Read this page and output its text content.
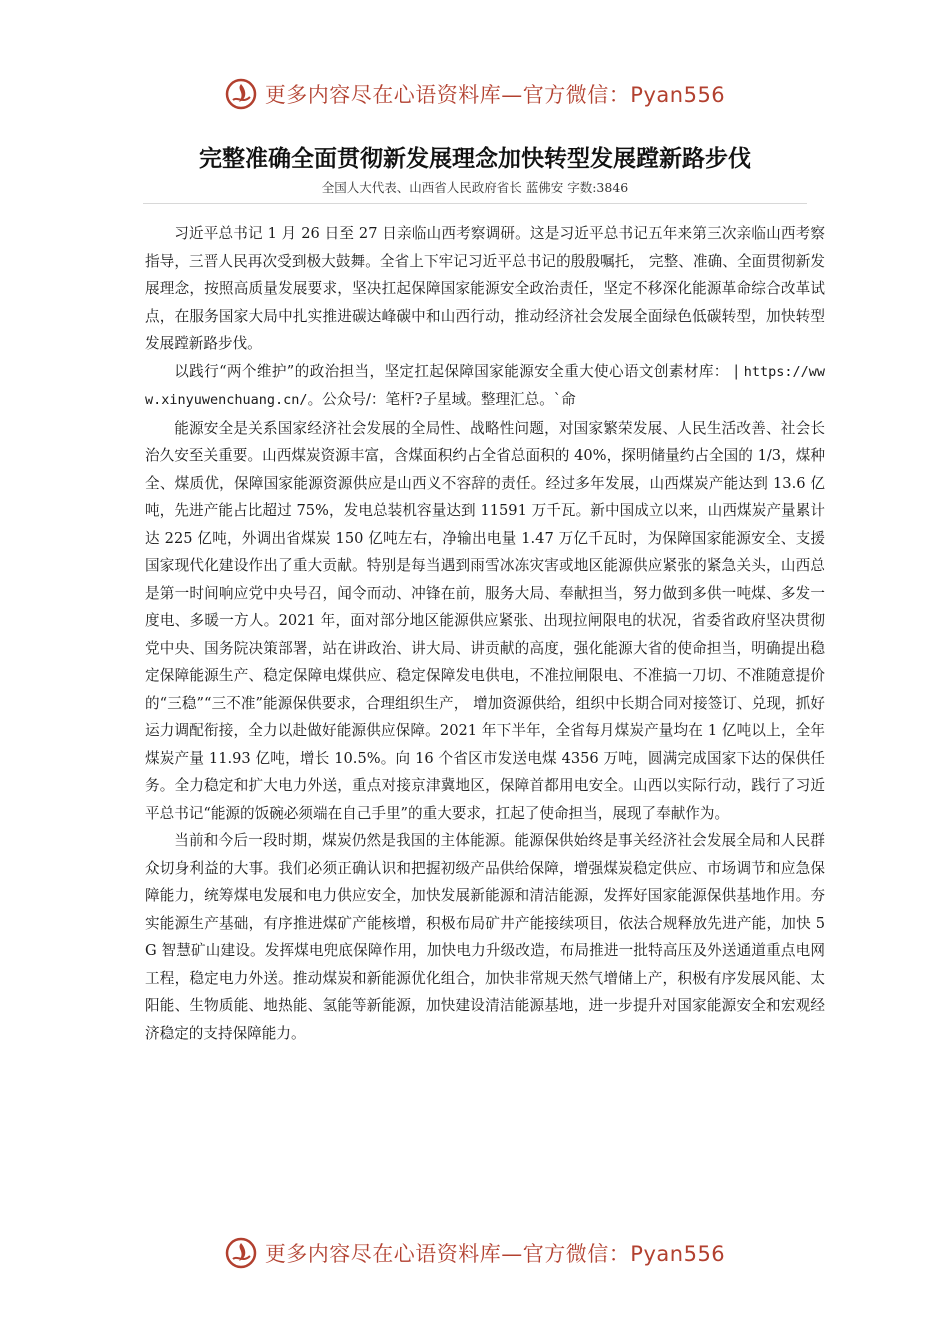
更多内容尽在心语资料库—官方微信：Pyan556
完整准确全面贯彻新发展理念加快转型发展蹚新路步伐
全国人大代表、山西省人民政府省长 蓝佛安 字数:3846

习近平总书记 1 月 26 日至 27 日亲临山西考察调研。这是习近平总书记五年来第三次亲临山西考察指导，三晋人民再次受到极大鼓舞。全省上下牢记习近平总书记的殷殷嘱托， 完整、准确、全面贯彻新发展理念，按照高质量发展要求，坚决扛起保障国家能源安全政治责任，坚定不移深化能源革命综合改革试点，在服务国家大局中扎实推进碳达峰碳中和山西行动，推动经济社会发展全面绿色低碳转型，加快转型发展蹚新路步伐。

以践行“两个维护”的政治担当，坚定扛起保障国家能源安全重大使心语文创素材库： | https://www.xinyuwenchuang.cn/。公众号/：笔杆?子星域。整理汇总。`命

能源安全是关系国家经济社会发展的全局性、战略性问题，对国家繁荣发展、人民生活改善、社会长治久安至关重要。山西煤炭资源丰富，含煤面积约占全省总面积的 40%，探明储量约占全国的 1/3，煤种全、煤质优，保障国家能源资源供应是山西义不容辞的责任。经过多年发展，山西煤炭产能达到 13.6 亿吨，先进产能占比超过 75%，发电总装机容量达到 11591 万千瓦。新中国成立以来，山西煤炭产量累计达 225 亿吨，外调出省煤炭 150 亿吨左右，净输出电量 1.47 万亿千瓦时，为保障国家能源安全、支援国家现代化建设作出了重大贡献。特别是每当遇到雨雪冰冻灾害或地区能源供应紧张的紧急关头，山西总是第一时间响应党中央号召，闻令而动、冲锋在前，服务大局、奉献担当，努力做到多供一吨煤、多发一度电、多暖一方人。2021 年，面对部分地区能源供应紧张、出现拉闸限电的状况，省委省政府坚决贯彻党中央、国务院决策部署，站在讲政治、讲大局、讲贡献的高度，强化能源大省的使命担当，明确提出稳定保障能源生产、稳定保障电煤供应、稳定保障发电供电，不准拉闸限电、不准搞一刀切、不准随意提价的“三稳”“三不准”能源保供要求，合理组织生产， 增加资源供给，组织中长期合同对接签订、兑现，抓好运力调配衔接，全力以赴做好能源供应保障。2021 年下半年，全省每月煤炭产量均在 1 亿吨以上，全年煤炭产量 11.93 亿吨，增长 10.5%。向 16 个省区市发送电煤 4356 万吨，圆满完成国家下达的保供任务。全力稳定和扩大电力外送，重点对接京津冀地区，保障首都用电安全。山西以实际行动，践行了习近平总书记“能源的饭碗必须端在自己手里”的重大要求，扛起了使命担当，展现了奉献作为。

当前和今后一段时期，煤炭仍然是我国的主体能源。能源保供始终是事关经济社会发展全局和人民群众切身利益的大事。我们必须正确认识和把握初级产品供给保障，增强煤炭稳定供应、市场调节和应急保障能力，统筹煤电发展和电力供应安全，加快发展新能源和清洁能源，发挥好国家能源保供基地作用。夯实能源生产基础，有序推进煤矿产能核增，积极布局矿井产能接续项目，依法合规释放先进产能，加快 5G 智慧矿山建设。发挥煤电兜底保障作用，加快电力升级改造，布局推进一批特高压及外送通道重点电网工程，稳定电力外送。推动煤炭和新能源优化组合，加快非常规天然气增储上产，积极有序发展风能、太阳能、生物质能、地热能、氢能等新能源，加快建设清洁能源基地，进一步提升对国家能源安全和宏观经济稳定的支持保障能力。

更多内容尽在心语资料库—官方微信：Pyan556
